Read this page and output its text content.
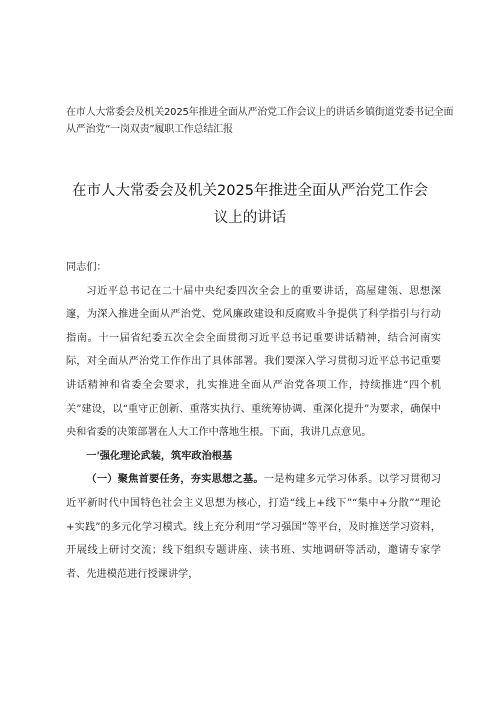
在市人大常委会及机关2025年推进全面从严治党工作会议上的讲话乡镇街道党委书记全面从严治党“一岗双责”履职工作总结汇报
在市人大常委会及机关2025年推进全面从严治党工作会
议上的讲话

同志们：

习近平总书记在二十届中央纪委四次全会上的重要讲话，高屋建瓴、思想深邃，为深入推进全面从严治党、党风廉政建设和反腐败斗争提供了科学指引与行动指南。十一届省纪委五次全会全面贯彻习近平总书记重要讲话精神，结合河南实际，对全面从严治党工作作出了具体部署。我们要深入学习贯彻习近平总书记重要讲话精神和省委全会要求，扎实推进全面从严治党各项工作，持续推进“四个机关”建设，以“重守正创新、重落实执行、重统筹协调、重深化提升”为要求，确保中央和省委的决策部署在人大工作中落地生根。下面，我讲几点意见。

一'强化理论武装，筑牢政治根基

（一）聚焦首要任务，夯实思想之基。一是构建多元学习体系。以学习贯彻习近平新时代中国特色社会主义思想为核心，打造“线上+线下”“集中+分散”“理论+实践”的多元化学习模式。线上充分利用“学习强国”等平台，及时推送学习资料，开展线上研讨交流；线下组织专题讲座、读书班、实地调研等活动，邀请专家学者、先进模范进行授课讲学，
